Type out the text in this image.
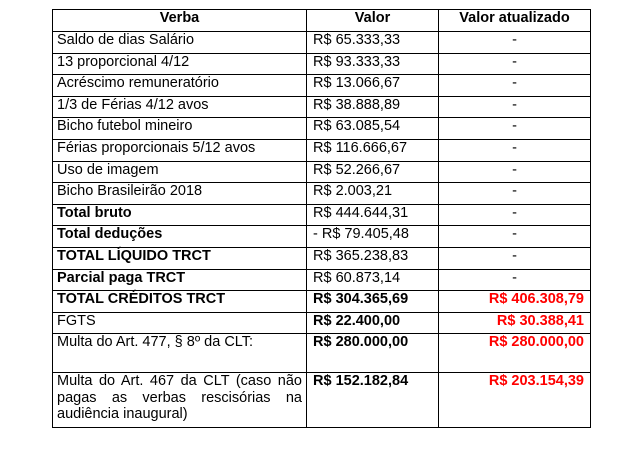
Verba	Valor	Valor atualizado
Saldo de dias Salário	R$ 65.333,33	-
13 proporcional 4/12	R$ 93.333,33	-
Acréscimo remuneratório	R$ 13.066,67	-
1/3 de Férias 4/12 avos	R$ 38.888,89	-
Bicho futebol mineiro	R$ 63.085,54	-
Férias proporcionais 5/12 avos	R$ 116.666,67	-
Uso de imagem	R$ 52.266,67	-
Bicho Brasileirão 2018	R$ 2.003,21	-
Total bruto	R$ 444.644,31	-
Total deduções	- R$ 79.405,48	-
TOTAL LÍQUIDO TRCT	R$ 365.238,83	-
Parcial paga TRCT	R$ 60.873,14	-
TOTAL CRÉDITOS TRCT	R$ 304.365,69	R$ 406.308,79
FGTS	R$ 22.400,00	R$ 30.388,41
Multa do Art. 477, § 8º da CLT:	R$ 280.000,00	R$ 280.000,00
Multa do Art. 467 da CLT (caso não pagas as verbas rescisórias na audiência inaugural)	R$ 152.182,84	R$ 203.154,39
